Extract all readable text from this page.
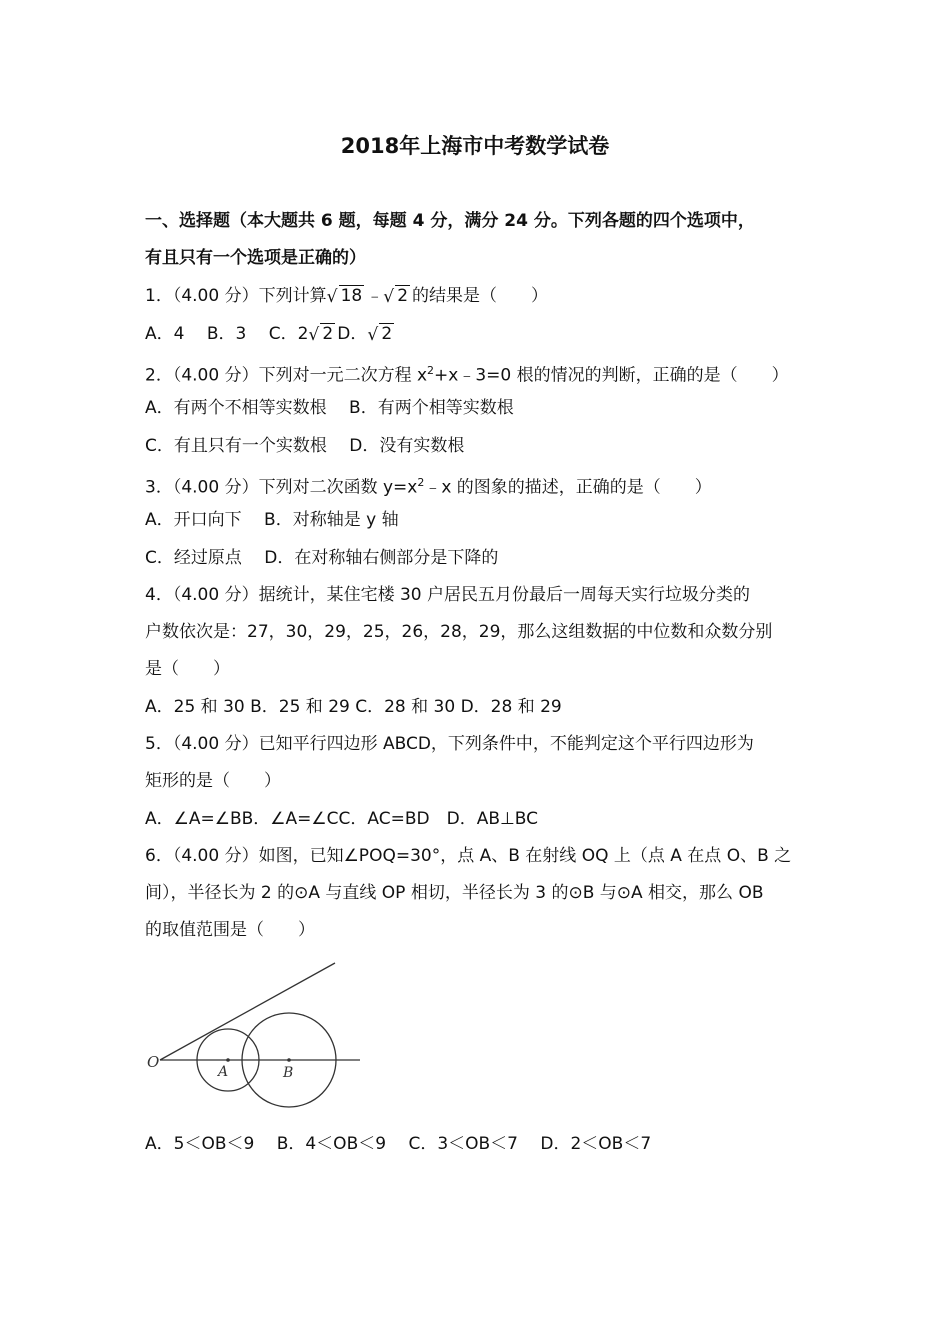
2018年上海市中考数学试卷
一、选择题（本大题共 6 题，每题 4 分，满分 24 分。下列各题的四个选项中，
有且只有一个选项是正确的）
1．（4.00 分）下列计算 √ 18 ﹣ √ 2 的结果是（　　）
A．4　 B．3　 C．2 √ 2 D． √ 2
2．（4.00 分）下列对一元二次方程 $x^2+x﹣3=0$ 根的情况的判断，正确的是（　　）
A．有两个不相等实数根　 B．有两个相等实数根
C．有且只有一个实数根　 D．没有实数根
3．（4.00 分）下列对二次函数 $y=x^2﹣x$ 的图象的描述，正确的是（　　）
A．开口向下　 B．对称轴是 y 轴
C．经过原点　 D．在对称轴右侧部分是下降的
4．（4.00 分）据统计，某住宅楼 30 户居民五月份最后一周每天实行垃圾分类的
户数依次是：27，30，29，25，26，28，29，那么这组数据的中位数和众数分别
是（　　）
A．25 和 30 B．25 和 29 C．28 和 30 D．28 和 29
5．（4.00 分）已知平行四边形 ABCD，下列条件中，不能判定这个平行四边形为
矩形的是（　　）
A．∠A=∠BB．∠A=∠CC．AC=BD　D．AB⊥BC
6．（4.00 分）如图，已知∠POQ=30°，点 A、B 在射线 OQ 上（点 A 在点 O、B 之
间），半径长为 2 的⊙A 与直线 OP 相切，半径长为 3 的⊙B 与⊙A 相交，那么 OB
的取值范围是（　　）
O
A	B
A．5＜OB＜9　 B．4＜OB＜9　 C．3＜OB＜7　 D．2＜OB＜7
